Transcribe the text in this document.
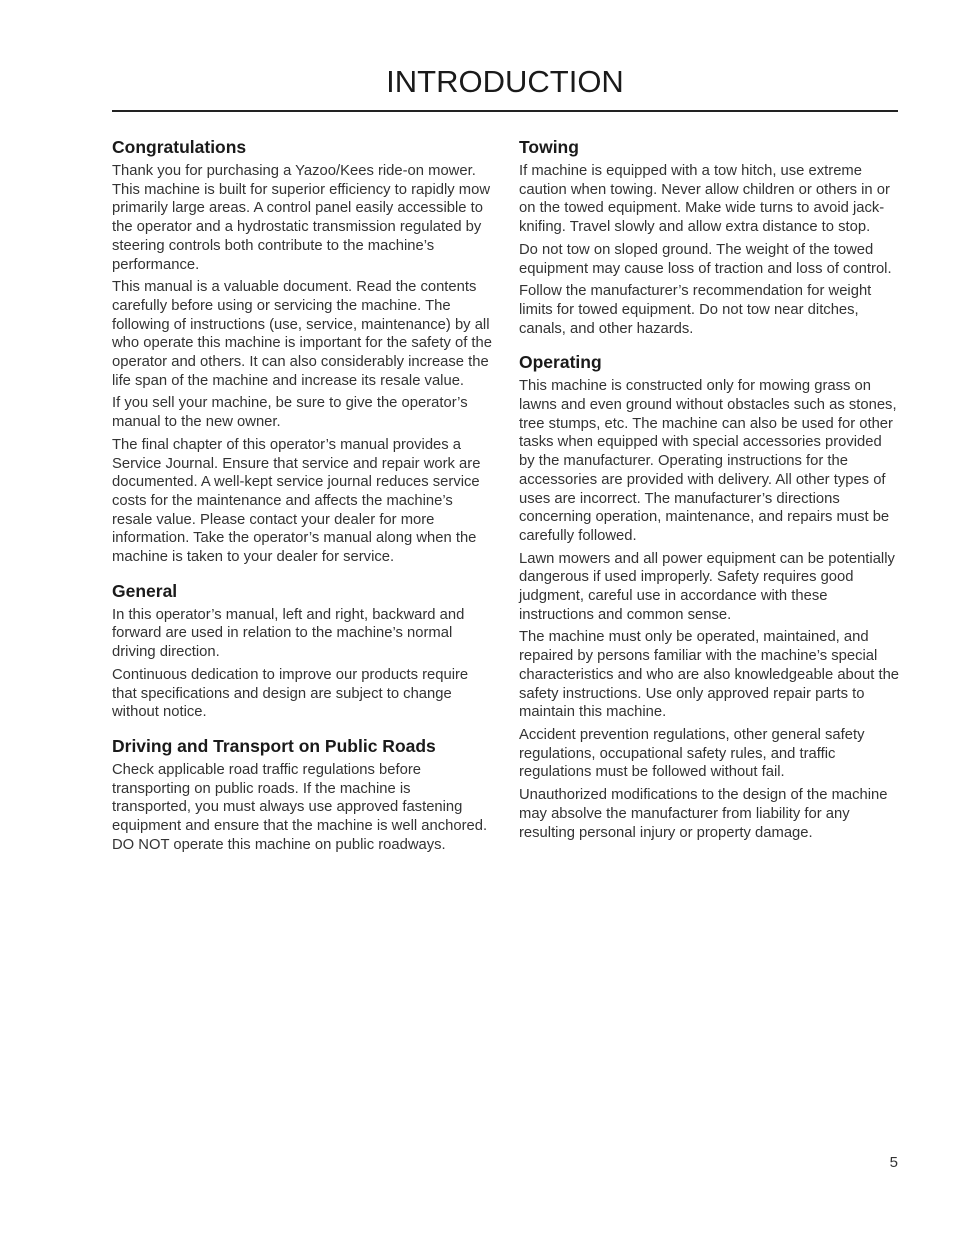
INTRODUCTION
Congratulations

Thank you for purchasing a Yazoo/Kees ride-on mower. This machine is built for superior efficiency to rapidly mow primarily large areas. A control panel easily accessible to the operator and a hydrostatic transmission regulated by steering controls both contribute to the machine’s performance.

This manual is a valuable document. Read the contents carefully before using or servicing the machine. The following of instructions (use, service, maintenance) by all who operate this machine is important for the safety of the operator and others. It can also considerably increase the life span of the machine and increase its resale value.

If you sell your machine, be sure to give the operator’s manual to the new owner.

The final chapter of this operator’s manual provides a Service Journal. Ensure that service and repair work are documented. A well-kept service journal reduces service costs for the maintenance and affects the machine’s resale value. Please contact your dealer for more information. Take the operator’s manual along when the machine is taken to your dealer for service.

General

In this operator’s manual, left and right, backward and forward are used in relation to the machine’s normal driving direction.

Continuous dedication to improve our products require that specifications and design are subject to change without notice.

Driving and Transport on Public Roads

Check applicable road traffic regulations before transporting on public roads. If the machine is transported, you must always use approved fastening equipment and ensure that the machine is well anchored. DO NOT operate this machine on public roadways.

Towing

If machine is equipped with a tow hitch, use extreme caution when towing. Never allow children or others in or on the towed equipment. Make wide turns to avoid jack-knifing. Travel slowly and allow extra distance to stop.

Do not tow on sloped ground. The weight of the towed equipment may cause loss of traction and loss of control.

Follow the manufacturer’s recommendation for weight limits for towed equipment. Do not tow near ditches, canals, and other hazards.

Operating

This machine is constructed only for mowing grass on lawns and even ground without obstacles such as stones, tree stumps, etc. The machine can also be used for other tasks when equipped with special accessories provided by the manufacturer. Operating instructions for the accessories are provided with delivery. All other types of uses are incorrect. The manufacturer’s directions concerning operation, maintenance, and repairs must be carefully followed.

Lawn mowers and all power equipment can be potentially dangerous if used improperly. Safety requires good judgment, careful use in accordance with these instructions and common sense.

The machine must only be operated, maintained, and repaired by persons familiar with the machine’s special characteristics and who are also knowledgeable about the safety instructions. Use only approved repair parts to maintain this machine.

Accident prevention regulations, other general safety regulations, occupational safety rules, and traffic regulations must be followed without fail.

Unauthorized modifications to the design of the machine may absolve the manufacturer from liability for any resulting personal injury or property damage.

5
